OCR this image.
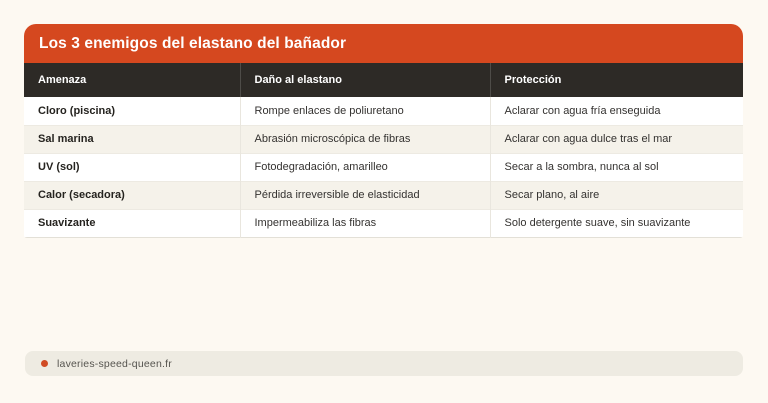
Los 3 enemigos del elastano del bañador
Amenaza	Daño al elastano	Protección
Cloro (piscina)	Rompe enlaces de poliuretano	Aclarar con agua fría enseguida
Sal marina	Abrasión microscópica de fibras	Aclarar con agua dulce tras el mar
UV (sol)	Fotodegradación, amarilleo	Secar a la sombra, nunca al sol
Calor (secadora)	Pérdida irreversible de elasticidad	Secar plano, al aire
Suavizante	Impermeabiliza las fibras	Solo detergente suave, sin suavizante
laveries-speed-queen.fr
